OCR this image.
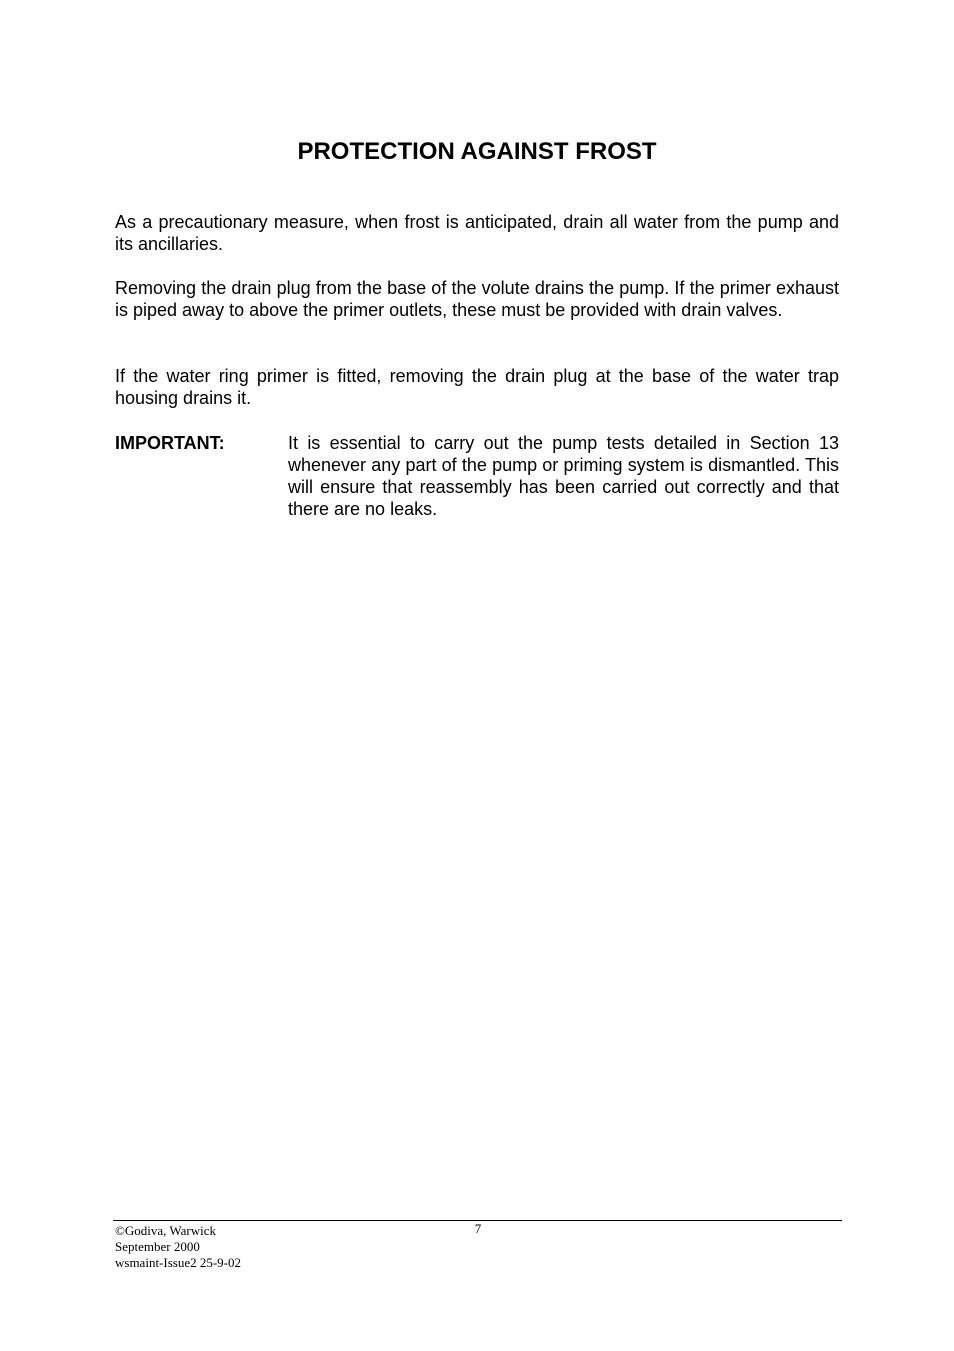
PROTECTION AGAINST FROST

As a precautionary measure, when frost is anticipated, drain all water from the pump and its ancillaries.

Removing the drain plug from the base of the volute drains the pump. If the primer exhaust is piped away to above the primer outlets, these must be provided with drain valves.

If the water ring primer is fitted, removing the drain plug at the base of the water trap housing drains it.

IMPORTANT:	It is essential to carry out the pump tests detailed in Section 13 whenever any part of the pump or priming system is dismantled. This will ensure that reassembly has been carried out correctly and that there are no leaks.

©Godiva, Warwick
September 2000
wsmaint-Issue2 25-9-02
7
